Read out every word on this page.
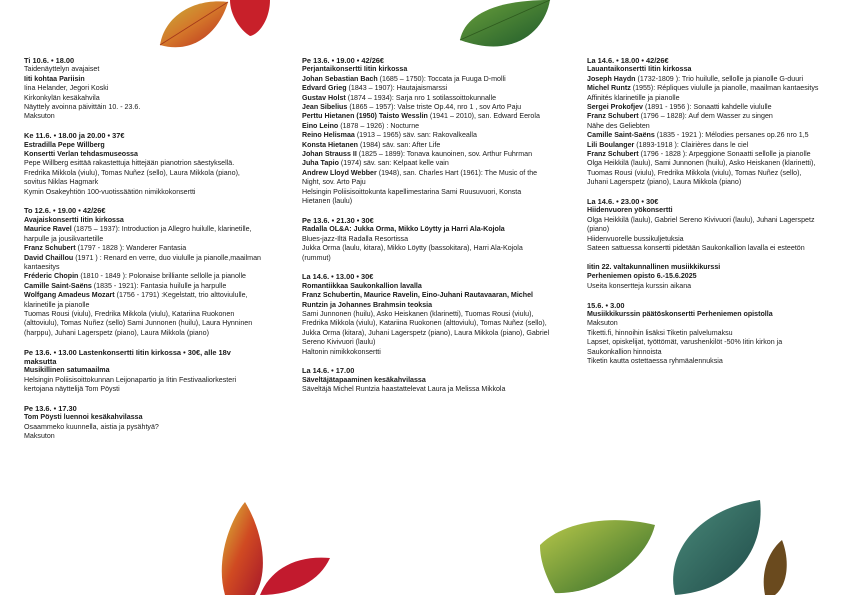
Ti 10.6. • 18.00
Taidenäyttelyn avajaiset
Iiti kohtaa Pariisin
Iina Helander, Jegori Koski
Kirkonkylän kesäkahvila
Näyttely avoinna päivittäin 10. - 23.6.
Maksuton
Ke 11.6. • 18.00 ja 20.00 • 37€
Estradilla Pepe Willberg
Konsertti Verlan tehdasmuseossa
Pepe Willberg esittää rakastettuja hittejään pianotrion säestyksellä. Fredrika Mikkola (viulu), Tomas Nuñez (sello), Laura Mikkola (piano), sovitus Niklas Hagmark
Kymin Osakeyhtiön 100-vuotissäätiön nimikkokonsertti
To 12.6. • 19.00 • 42/26€
Avajaiskonsertti Iitin kirkossa
Maurice Ravel (1875 – 1937): Introduction ja Allegro huilulle, klarinetille, harpulle ja jousikvartetille
Franz Schubert (1797 - 1828 ): Wanderer Fantasia
David Chaillou (1971 ) : Renard en verre, duo viululle ja pianolle,maailman kantaesitys
Fréderic Chopin (1810 - 1849 ): Polonaise brilliante sellolle ja pianolle
Camille Saint-Saëns (1835 - 1921): Fantasia huilulle ja harpulle
Wolfgang Amadeus Mozart (1756 - 1791) :Kegelstatt, trio alttoviululle, klarinetille ja pianolle
Tuomas Rousi (viulu), Fredrika Mikkola (viulu), Katariina Ruokonen (alttoviulu), Tomas Nuñez (sello) Sami Junnonen (huilu), Laura Hynninen (harppu), Juhani Lagerspetz (piano), Laura Mikkola (piano)
Pe 13.6. • 13.00 Lastenkonsertti Iitin kirkossa • 30€, alle 18v maksutta
Musikillinen satumaailma
Helsingin Poliisisoittokunnan Leijonapartio ja Iitin Festivaaliorkesteri
kertojana näyttelijä Tom Pöysti
Pe 13.6. • 17.30
Tom Pöysti luennoi kesäkahvilassa
Osaammeko kuunnella, aistia ja pysähtyä?
Maksuton
Pe 13.6. • 19.00 • 42/26€
Perjantaikonsertti Iitin kirkossa
Johan Sebastian Bach (1685 – 1750): Toccata ja Fuuga D-molli
Edvard Grieg (1843 – 1907): Hautajaismarssi
Gustav Holst (1874 – 1934): Sarja nro 1 sotilassoittokunnalle
Jean Sibelius (1865 – 1957): Valse triste Op.44, nro 1 , sov Arto Paju
Perttu Hietanen (1950) Taisto Wesslin (1941 – 2010), san. Edward Eerola
Eino Leino (1878 – 1926) : Nocturne
Reino Helismaa (1913 – 1965) säv. san: Rakovalkealla
Konsta Hietanen (1984) säv. san: After Life
Johan Strauss II (1825 – 1899): Tonava kaunoinen, sov. Arthur Fuhrman
Juha Tapio (1974) säv. san: Kelpaat kelle vain
Andrew Lloyd Webber (1948), san. Charles Hart (1961): The Music of the Night, sov. Arto Paju
Helsingin Poliisisoittokunta kapellimestarina Sami Ruusuvuori, Konsta Hietanen (laulu)
Pe 13.6. • 21.30 • 30€
Radalla OL&A: Jukka Orma, Mikko Löytty ja Harri Ala-Kojola
Blues-jazz-Iltä Radalla Resortissa
Jukka Orma (laulu, kitara), Mikko Löytty (bassokitara), Harri Ala-Kojola (rummut)
La 14.6. • 13.00 • 30€
Romantiikkaa Saukonkallion lavalla
Franz Schubertin, Maurice Ravelin, Eino-Juhani Rautavaaran, Michel Runtzin ja Johannes Brahmsin teoksia
Sami Junnonen (huilu), Asko Heiskanen (klarinetti), Tuomas Rousi (viulu), Fredrika Mikkola (viulu), Katariina Ruokonen (alttoviulu), Tomas Nuñez (sello), Jukka Orma (kitara), Juhani Lagerspetz (piano), Laura Mikkola (piano), Gabriel Sereno Kivivuori (laulu)
Haltonin nimikkokonsertti
La 14.6. • 17.00
Säveltäjätapaaminen kesäkahvilassa
Säveltäjä Michel Runtzia haastattelevat Laura ja Melissa Mikkola
La 14.6. • 18.00 • 42/26€
Lauantaikonsertti Iitin kirkossa
Joseph Haydn (1732-1809 ): Trio huilulle, sellolle ja pianolle G-duuri
Michel Runtz (1955): Répliques viululle ja pianolle, maailman kantaesitys
Affinités klarinetille ja pianolle
Sergei Prokofjev (1891 - 1956 ): Sonaatti kahdelle viululle
Franz Schubert (1796 – 1828): Auf dem Wasser zu singen
Nähe des Geliebten
Camille Saint-Saëns (1835 - 1921 ): Mélodies persanes op.26 nro 1,5
Lili Boulanger (1893-1918 ): Clairières dans le ciel
Franz Schubert (1796 - 1828 ): Arpeggione Sonaatti sellolle ja pianolle
Olga Heikkilä (laulu), Sami Junnonen (huilu), Asko Heiskanen (klarinetti), Tuomas Rousi (viulu), Fredrika Mikkola (viulu), Tomas Nuñez (sello), Juhani Lagerspetz (piano), Laura Mikkola (piano)
La 14.6. • 23.00 • 30€
Hiidenvuoren yökonsertti
Olga Heikkilä (laulu), Gabriel Sereno Kivivuori (laulu), Juhani Lagerspetz (piano)
Hiidenvuorelle bussikuljetuksia
Sateen sattuessa konsertti pidetään Saukonkallion lavalla ei esteetön
Iitin 22. valtakunnallinen musiikkikurssi
Perheniemen opisto 6.-15.6.2025
Useita konsertteja kurssin aikana
15.6. • 3.00
Musiikkikurssin päätöskonsertti Perheniemen opistolla
Maksuton
Tiketti.fi, hinnoihin lisäksi Tiketin palvelumaksu
Lapset, opiskelijat, työttömät, varushenkilöt -50% Iitin kirkon ja Saukonkallion hinnoista
Tiketin kautta ostettaessa ryhmäalennuksia
